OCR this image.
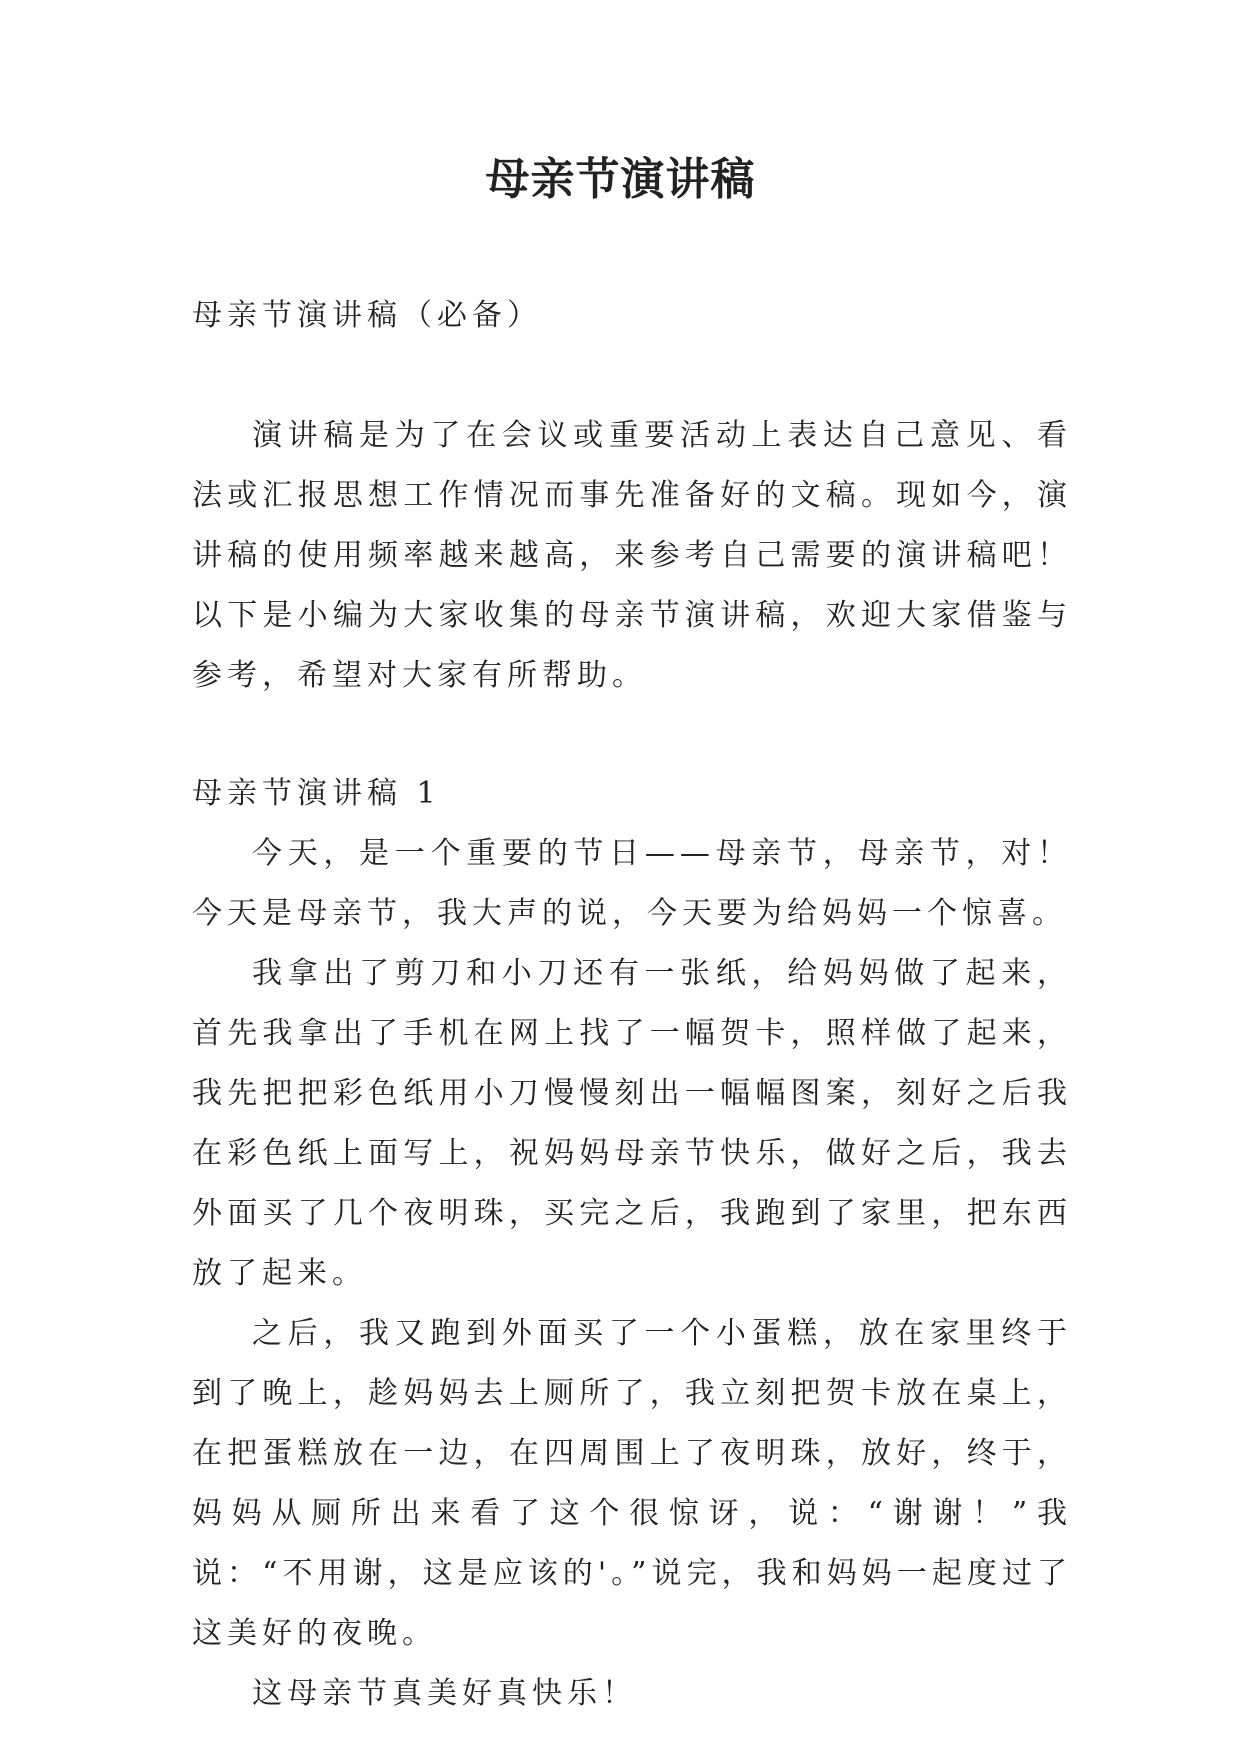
母亲节演讲稿

母亲节演讲稿（必备）

演讲稿是为了在会议或重要活动上表达自己意见、看法或汇报思想工作情况而事先准备好的文稿。现如今，演讲稿的使用频率越来越高，来参考自己需要的演讲稿吧！以下是小编为大家收集的母亲节演讲稿，欢迎大家借鉴与参考，希望对大家有所帮助。

母亲节演讲稿 1

今天，是一个重要的节日——母亲节，母亲节，对！今天是母亲节，我大声的说，今天要为给妈妈一个惊喜。

我拿出了剪刀和小刀还有一张纸，给妈妈做了起来，首先我拿出了手机在网上找了一幅贺卡，照样做了起来，我先把把彩色纸用小刀慢慢刻出一幅幅图案，刻好之后我在彩色纸上面写上，祝妈妈母亲节快乐，做好之后，我去外面买了几个夜明珠，买完之后，我跑到了家里，把东西放了起来。

之后，我又跑到外面买了一个小蛋糕，放在家里终于到了晚上，趁妈妈去上厕所了，我立刻把贺卡放在桌上，在把蛋糕放在一边，在四周围上了夜明珠，放好，终于，妈妈从厕所出来看了这个很惊讶，说：“谢谢！”我说：“不用谢，这是应该的'。”说完，我和妈妈一起度过了这美好的夜晚。

这母亲节真美好真快乐！
